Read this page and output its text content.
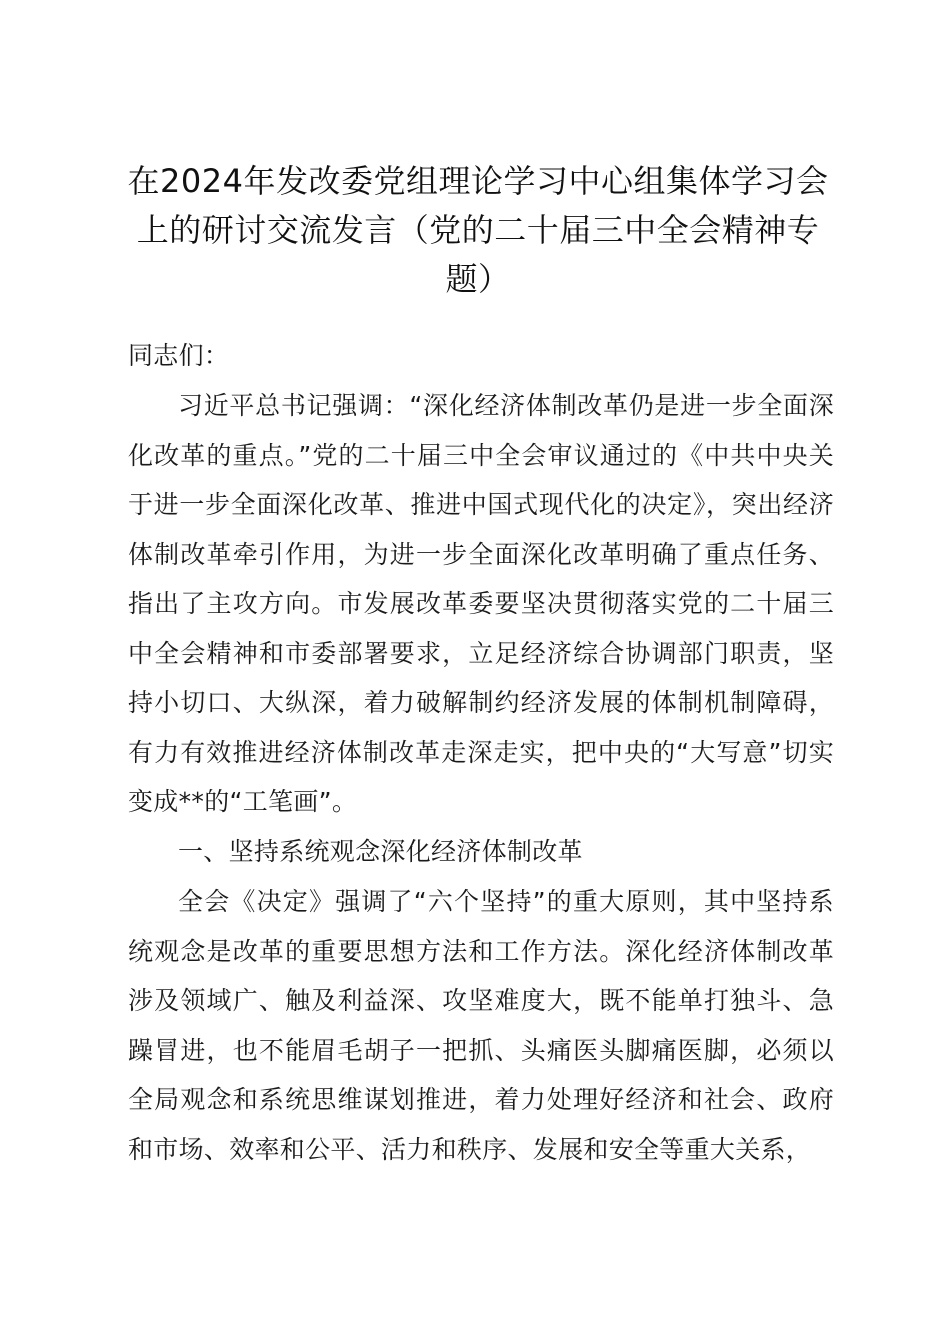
在2024年发改委党组理论学习中心组集体学习会上的研讨交流发言（党的二十届三中全会精神专题）

同志们：

习近平总书记强调：“深化经济体制改革仍是进一步全面深化改革的重点。”党的二十届三中全会审议通过的《中共中央关于进一步全面深化改革、推进中国式现代化的决定》，突出经济体制改革牵引作用，为进一步全面深化改革明确了重点任务、指出了主攻方向。市发展改革委要坚决贯彻落实党的二十届三中全会精神和市委部署要求，立足经济综合协调部门职责，坚持小切口、大纵深，着力破解制约经济发展的体制机制障碍，有力有效推进经济体制改革走深走实，把中央的“大写意”切实变成**的“工笔画”。

一、坚持系统观念深化经济体制改革

全会《决定》强调了“六个坚持”的重大原则，其中坚持系统观念是改革的重要思想方法和工作方法。深化经济体制改革涉及领域广、触及利益深、攻坚难度大，既不能单打独斗、急躁冒进，也不能眉毛胡子一把抓、头痛医头脚痛医脚，必须以全局观念和系统思维谋划推进，着力处理好经济和社会、政府和市场、效率和公平、活力和秩序、发展和安全等重大关系，
